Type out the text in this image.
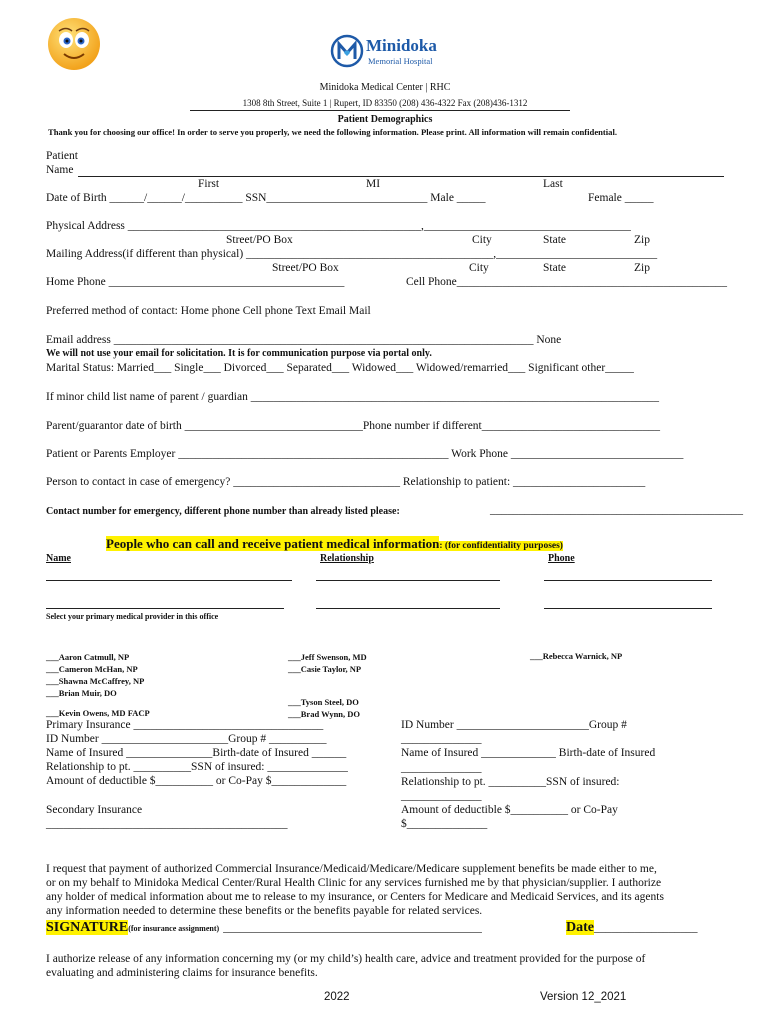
Minidoka
Memorial Hospital
Minidoka Medical Center | RHC
1308 8th Street, Suite 1 | Rupert, ID 83350 (208) 436-4322 Fax (208)436-1312
Patient Demographics
Thank you for choosing our office! In order to serve you properly, we need the following information. Please print. All information will remain confidential.
Patient
Name
First	MI	Last
Date of Birth ______/______/__________ SSN____________________________ Male _____	Female _____
Physical Address ___________________________________________________,____________________________________
Street/PO Box	City	State	Zip
Mailing Address(if different than physical) ___________________________________________,____________________________
Street/PO Box	City	State	Zip
Home Phone _________________________________________	Cell Phone_______________________________________________
Preferred method of contact: Home phone Cell phone Text Email Mail
Email address _________________________________________________________________________ None
We will not use your email for solicitation. It is for communication purpose via portal only.
Marital Status: Married___ Single___ Divorced___ Separated___ Widowed___ Widowed/remarried___ Significant other_____
If minor child list name of parent / guardian _______________________________________________________________________
Parent/guarantor date of birth _______________________________Phone number if different_______________________________
Patient or Parents Employer _______________________________________________ Work Phone ______________________________
Person to contact in case of emergency? _____________________________ Relationship to patient: _______________________
Contact number for emergency, different phone number than already listed please:	____________________________________________
People who can call and receive patient medical information: (for confidentiality purposes)
Name	Relationship	Phone
Select your primary medical provider in this office
___Aaron Catmull, NP
___Cameron McHan, NP
___Shawna McCaffrey, NP
___Brian Muir, DO
___Kevin Owens, MD FACP
___Jeff Swenson, MD
___Casie Taylor, NP
___Tyson Steel, DO
___Brad Wynn, DO
___Rebecca Warnick, NP
Primary Insurance _________________________________
ID Number ______________________Group # __________
Name of Insured _______________Birth-date of Insured ______
Relationship to pt. __________SSN of insured: ______________
Amount of deductible $__________ or Co-Pay $_____________
Secondary Insurance
__________________________________________
ID Number _______________________Group #
______________
Name of Insured _____________ Birth-date of Insured
______________
Relationship to pt. __________SSN of insured:
______________
Amount of deductible $__________ or Co-Pay
$______________
I request that payment of authorized Commercial Insurance/Medicaid/Medicare/Medicare supplement benefits be made either to me,
or on my behalf to Minidoka Medical Center/Rural Health Clinic for any services furnished me by that physician/supplier. I authorize
any holder of medical information about me to release to my insurance, or Centers for Medicare and Medicaid Services, and its agents
any information needed to determine these benefits or the benefits payable for related services.
SIGNATURE(for insurance assignment) _____________________________________________	Date__________________
I authorize release of any information concerning my (or my child’s) health care, advice and treatment provided for the purpose of
evaluating and administering claims for insurance benefits.
2022	Version 12_2021
